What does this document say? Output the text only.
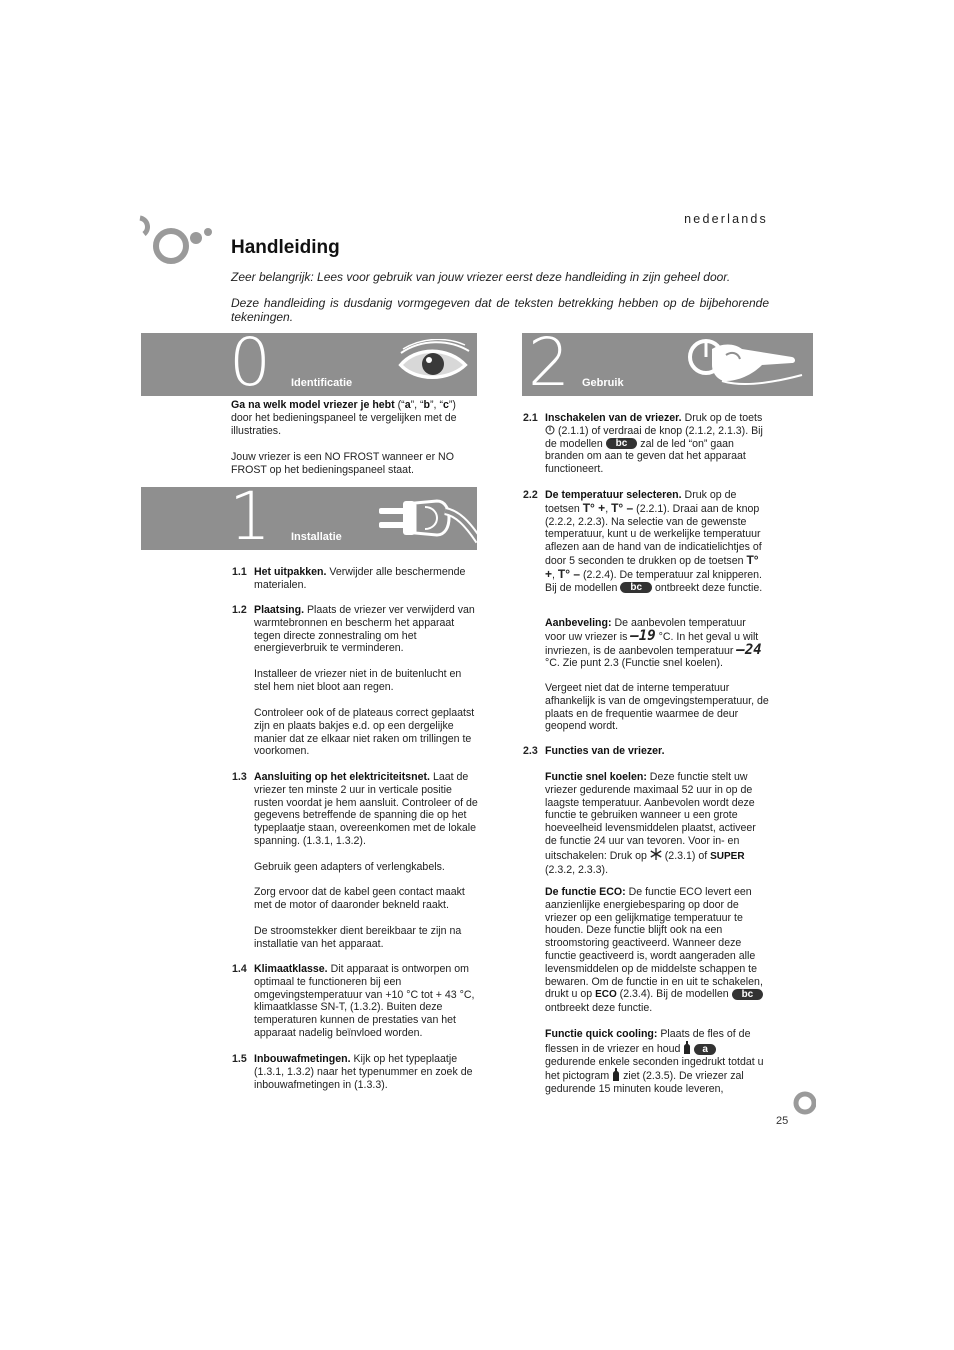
nederlands
Handleiding
Zeer belangrijk: Lees voor gebruik van jouw vriezer eerst deze handleiding in zijn geheel door.
Deze handleiding is dusdanig vormgegeven dat de teksten betrekking hebben op de bijbehorende tekeningen.
0 Identificatie
Ga na welk model vriezer je hebt (“a”, “b”, “c”) door het bedieningspaneel te vergelijken met de illustraties.
Jouw vriezer is een NO FROST wanneer er NO FROST op het bedieningspaneel staat.
1 Installatie
1.1 Het uitpakken. Verwijder alle beschermende materialen.
1.2 Plaatsing. Plaats de vriezer ver verwijderd van warmtebronnen en bescherm het apparaat tegen directe zonnestraling om het energieverbruik te verminderen.
Installeer de vriezer niet in de buitenlucht en stel hem niet bloot aan regen.
Controleer ook of de plateaus correct geplaatst zijn en plaats bakjes e.d. op een dergelijke manier dat ze elkaar niet raken om trillingen te voorkomen.
1.3 Aansluiting op het elektriciteitsnet. Laat de vriezer ten minste 2 uur in verticale positie rusten voordat je hem aansluit. Controleer of de gegevens betreffende de spanning die op het typeplaatje staan, overeenkomen met de lokale spanning. (1.3.1, 1.3.2).
Gebruik geen adapters of verlengkabels.
Zorg ervoor dat de kabel geen contact maakt met de motor of daaronder bekneld raakt.
De stroomstekker dient bereikbaar te zijn na installatie van het apparaat.
1.4 Klimaatklasse. Dit apparaat is ontworpen om optimaal te functioneren bij een omgevingstemperatuur van +10 °C tot + 43 °C, klimaatklasse SN-T, (1.3.2). Buiten deze temperaturen kunnen de prestaties van het apparaat nadelig beïnvloed worden.
1.5 Inbouwafmetingen. Kijk op het typeplaatje (1.3.1, 1.3.2) naar het typenummer en zoek de inbouwafmetingen in (1.3.3).
2 Gebruik
2.1 Inschakelen van de vriezer. Druk op de toets  (2.1.1) of verdraai de knop (2.1.2, 2.1.3). Bij de modellen bc zal de led “on” gaan branden om aan te geven dat het apparaat functioneert.
2.2 De temperatuur selecteren. Druk op de toetsen T° +, T° – (2.2.1). Draai aan de knop (2.2.2, 2.2.3). Na selectie van de gewenste temperatuur, kunt u de werkelijke temperatuur aflezen aan de hand van de indicatielichtjes of door 5 seconden te drukken op de toetsen T° +, T° – (2.2.4). De temperatuur zal knipperen. Bij de modellen bc ontbreekt deze functie.
Aanbeveling: De aanbevolen temperatuur voor uw vriezer is –19 °C. In het geval u wilt invriezen, is de aanbevolen temperatuur –24 °C. Zie punt 2.3 (Functie snel koelen).
Vergeet niet dat de interne temperatuur afhankelijk is van de omgevingstemperatuur, de plaats en de frequentie waarmee de deur geopend wordt.
2.3 Functies van de vriezer.
Functie snel koelen: Deze functie stelt uw vriezer gedurende maximaal 52 uur in op de laagste temperatuur. Aanbevolen wordt deze functie te gebruiken wanneer u een grote hoeveelheid levensmiddelen plaatst, activeer de functie 24 uur van tevoren. Voor in- en uitschakelen: Druk op  (2.3.1) of SUPER (2.3.2, 2.3.3).
De functie ECO: De functie ECO levert een aanzienlijke energiebesparing op door de vriezer op een gelijkmatige temperatuur te houden. Deze functie blijft ook na een stroomstoring geactiveerd. Wanneer deze functie geactiveerd is, wordt aangeraden alle levensmiddelen op de middelste schappen te bewaren. Om de functie in en uit te schakelen, drukt u op ECO (2.3.4). Bij de modellen bc ontbreekt deze functie.
Functie quick cooling: Plaats de fles of de flessen in de vriezer en houd  a gedurende enkele seconden ingedrukt totdat u het pictogram  ziet (2.3.5). De vriezer zal gedurende 15 minuten koude leveren,
25
